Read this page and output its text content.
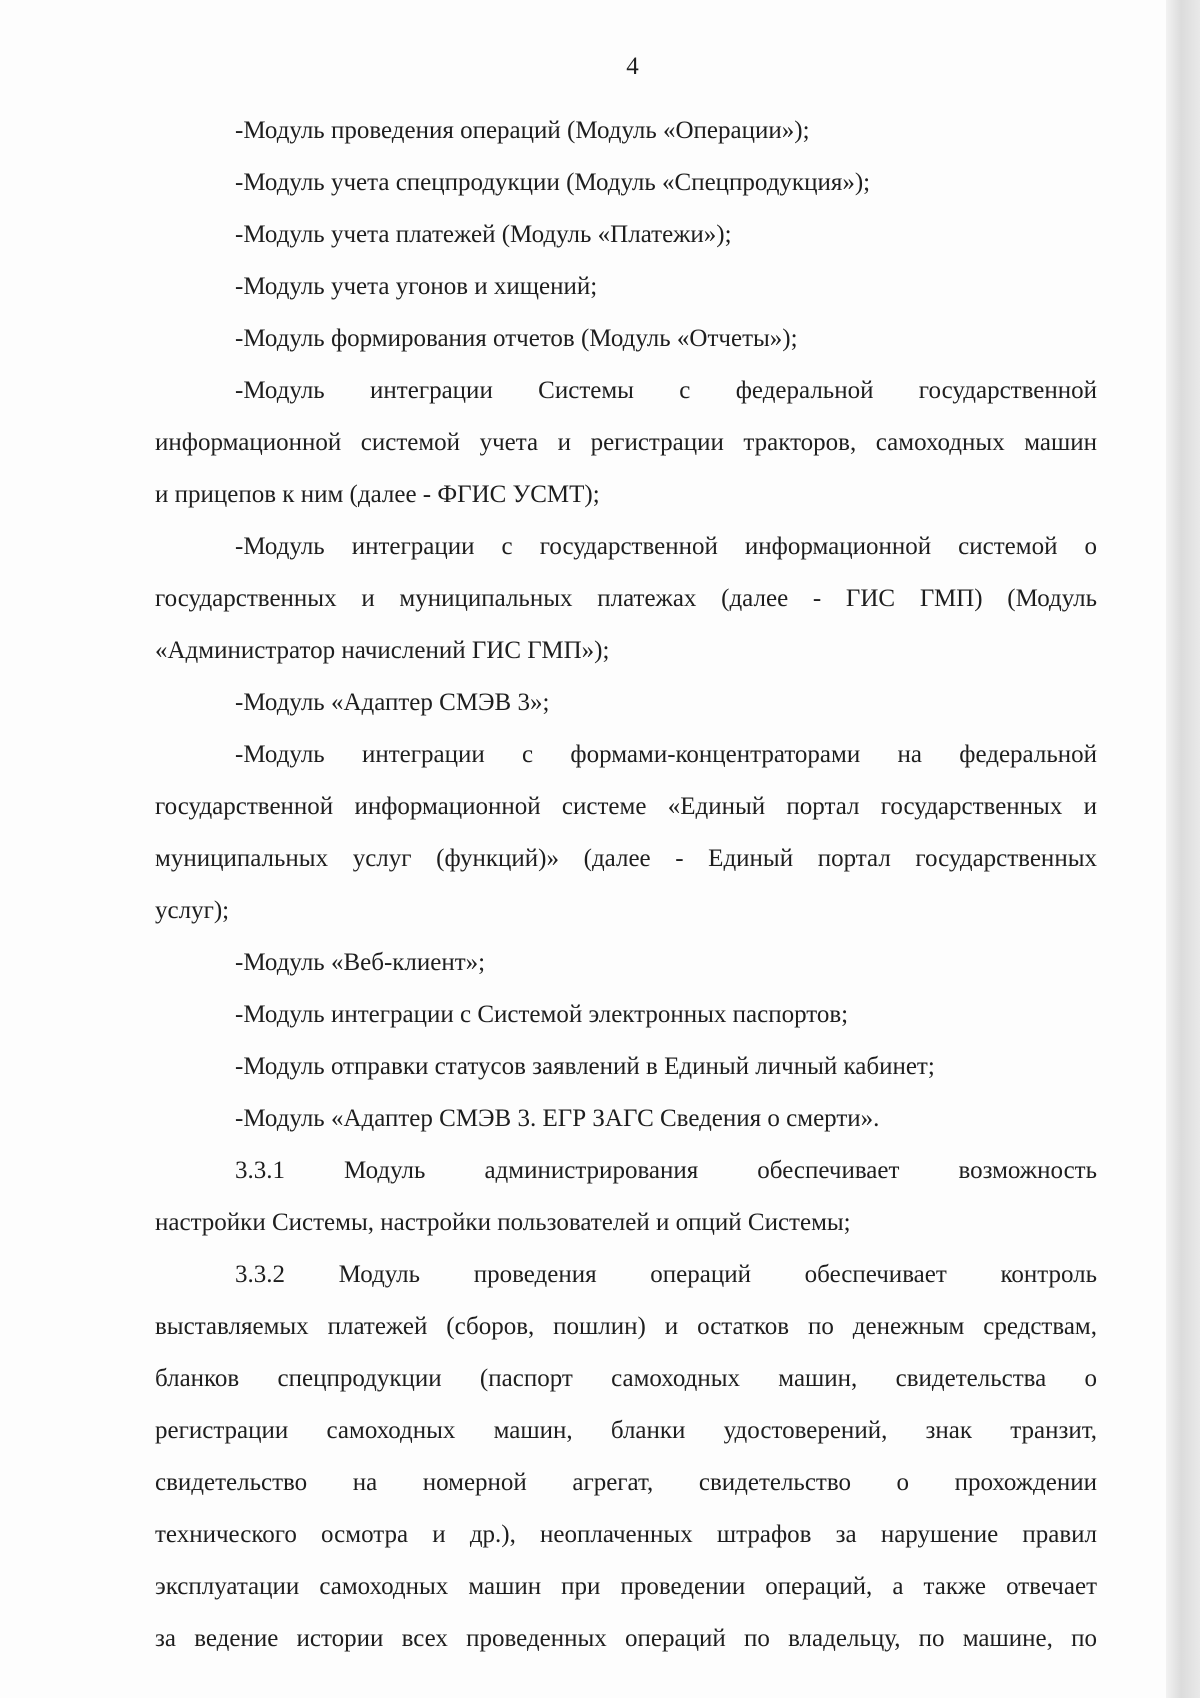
4
-Модуль проведения операций (Модуль «Операции»);
-Модуль учета спецпродукции (Модуль «Спецпродукция»);
-Модуль учета платежей (Модуль «Платежи»);
-Модуль учета угонов и хищений;
-Модуль формирования отчетов (Модуль «Отчеты»);
-Модуль интеграции Системы с федеральной государственной
информационной системой учета и регистрации тракторов, самоходных машин
и прицепов к ним (далее - ФГИС УСМТ);
-Модуль интеграции с государственной информационной системой о
государственных и муниципальных платежах (далее - ГИС ГМП) (Модуль
«Администратор начислений ГИС ГМП»);
-Модуль «Адаптер СМЭВ 3»;
-Модуль интеграции с формами-концентраторами на федеральной
государственной информационной системе «Единый портал государственных и
муниципальных услуг (функций)» (далее - Единый портал государственных
услуг);
-Модуль «Веб-клиент»;
-Модуль интеграции с Системой электронных паспортов;
-Модуль отправки статусов заявлений в Единый личный кабинет;
-Модуль «Адаптер СМЭВ 3. ЕГР ЗАГС Сведения о смерти».
3.3.1 Модуль администрирования обеспечивает возможность
настройки Системы, настройки пользователей и опций Системы;
3.3.2 Модуль проведения операций обеспечивает контроль
выставляемых платежей (сборов, пошлин) и остатков по денежным средствам,
бланков спецпродукции (паспорт самоходных машин, свидетельства о
регистрации самоходных машин, бланки удостоверений, знак транзит,
свидетельство на номерной агрегат, свидетельство о прохождении
технического осмотра и др.), неоплаченных штрафов за нарушение правил
эксплуатации самоходных машин при проведении операций, а также отвечает
за ведение истории всех проведенных операций по владельцу, по машине, по
